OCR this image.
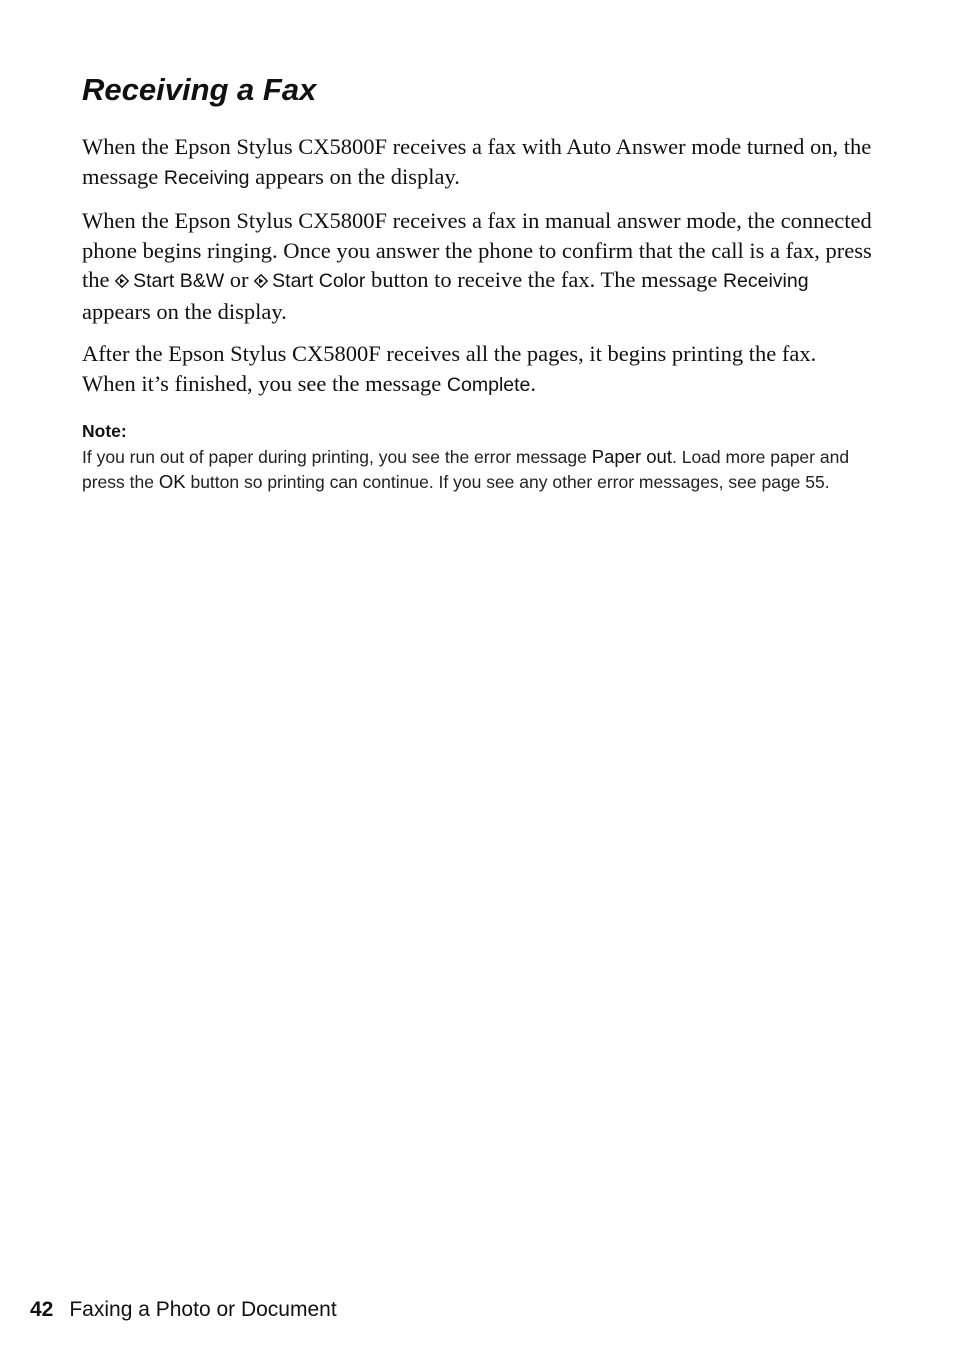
Receiving a Fax

When the Epson Stylus CX5800F receives a fax with Auto Answer mode turned on, the message Receiving appears on the display.

When the Epson Stylus CX5800F receives a fax in manual answer mode, the connected phone begins ringing. Once you answer the phone to confirm that the call is a fax, press the Start B&W or Start Color button to receive the fax. The message Receiving appears on the display.

After the Epson Stylus CX5800F receives all the pages, it begins printing the fax. When it’s finished, you see the message Complete.

Note:

If you run out of paper during printing, you see the error message Paper out. Load more paper and press the OK button so printing can continue. If you see any other error messages, see page 55.

42 Faxing a Photo or Document
